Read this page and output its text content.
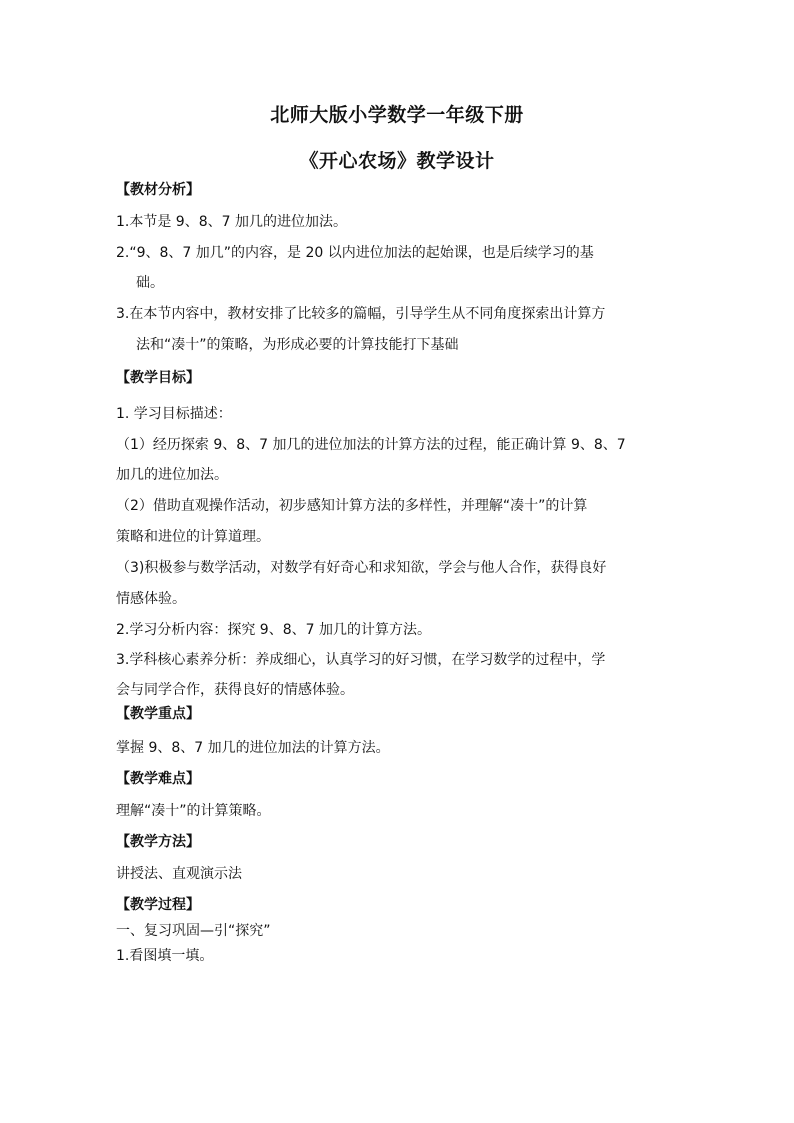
北师大版小学数学一年级下册
《开心农场》教学设计
【教材分析】
1.本节是 9、8、7 加几的进位加法。
2.“9、8、7 加几”的内容，是 20 以内进位加法的起始课，也是后续学习的基
础。
3.在本节内容中，教材安排了比较多的篇幅，引导学生从不同角度探索出计算方
法和“凑十”的策略，为形成必要的计算技能打下基础
【教学目标】
1. 学习目标描述：
（1）经历探索 9、8、7 加几的进位加法的计算方法的过程，能正确计算 9、8、7
加几的进位加法。
（2）借助直观操作活动，初步感知计算方法的多样性，并理解“凑十”的计算
策略和进位的计算道理。
（3)积极参与数学活动，对数学有好奇心和求知欲，学会与他人合作，获得良好
情感体验。
2.学习分析内容：探究 9、8、7 加几的计算方法。
3.学科核心素养分析：养成细心，认真学习的好习惯，在学习数学的过程中，学
会与同学合作，获得良好的情感体验。
【教学重点】
掌握 9、8、7 加几的进位加法的计算方法。
【教学难点】
理解“凑十”的计算策略。
【教学方法】
讲授法、直观演示法
【教学过程】
一、复习巩固—引“探究”
1.看图填一填。
